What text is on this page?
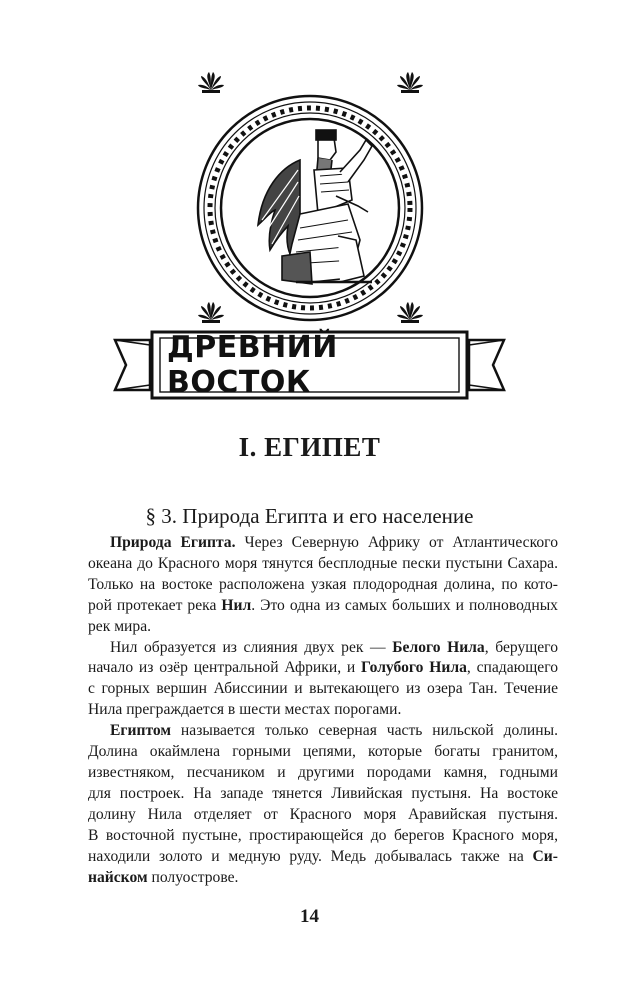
ДРЕВНИЙ ВОСТОК
I. ЕГИПЕТ
§ 3. Природа Египта и его население

Природа Египта. Через Северную Африку от Атлантического
океана до Красного моря тянутся бесплодные пески пустыни Сахара.
Только на востоке расположена узкая плодородная долина, по кото-
рой протекает река Нил. Это одна из самых больших и полноводных
рек мира.

Нил образуется из слияния двух рек — Белого Нила, берущего
начало из озёр центральной Африки, и Голубого Нила, спадающего
с горных вершин Абиссинии и вытекающего из озера Тан. Течение
Нила преграждается в шести местах порогами.

Египтом называется только северная часть нильской долины.
Долина окаймлена горными цепями, которые богаты гранитом,
известняком, песчаником и другими породами камня, годными
для построек. На западе тянется Ливийская пустыня. На востоке
долину Нила отделяет от Красного моря Аравийская пустыня.
В восточной пустыне, простирающейся до берегов Красного моря,
находили золото и медную руду. Медь добывалась также на Си-
найском полуострове.

14
